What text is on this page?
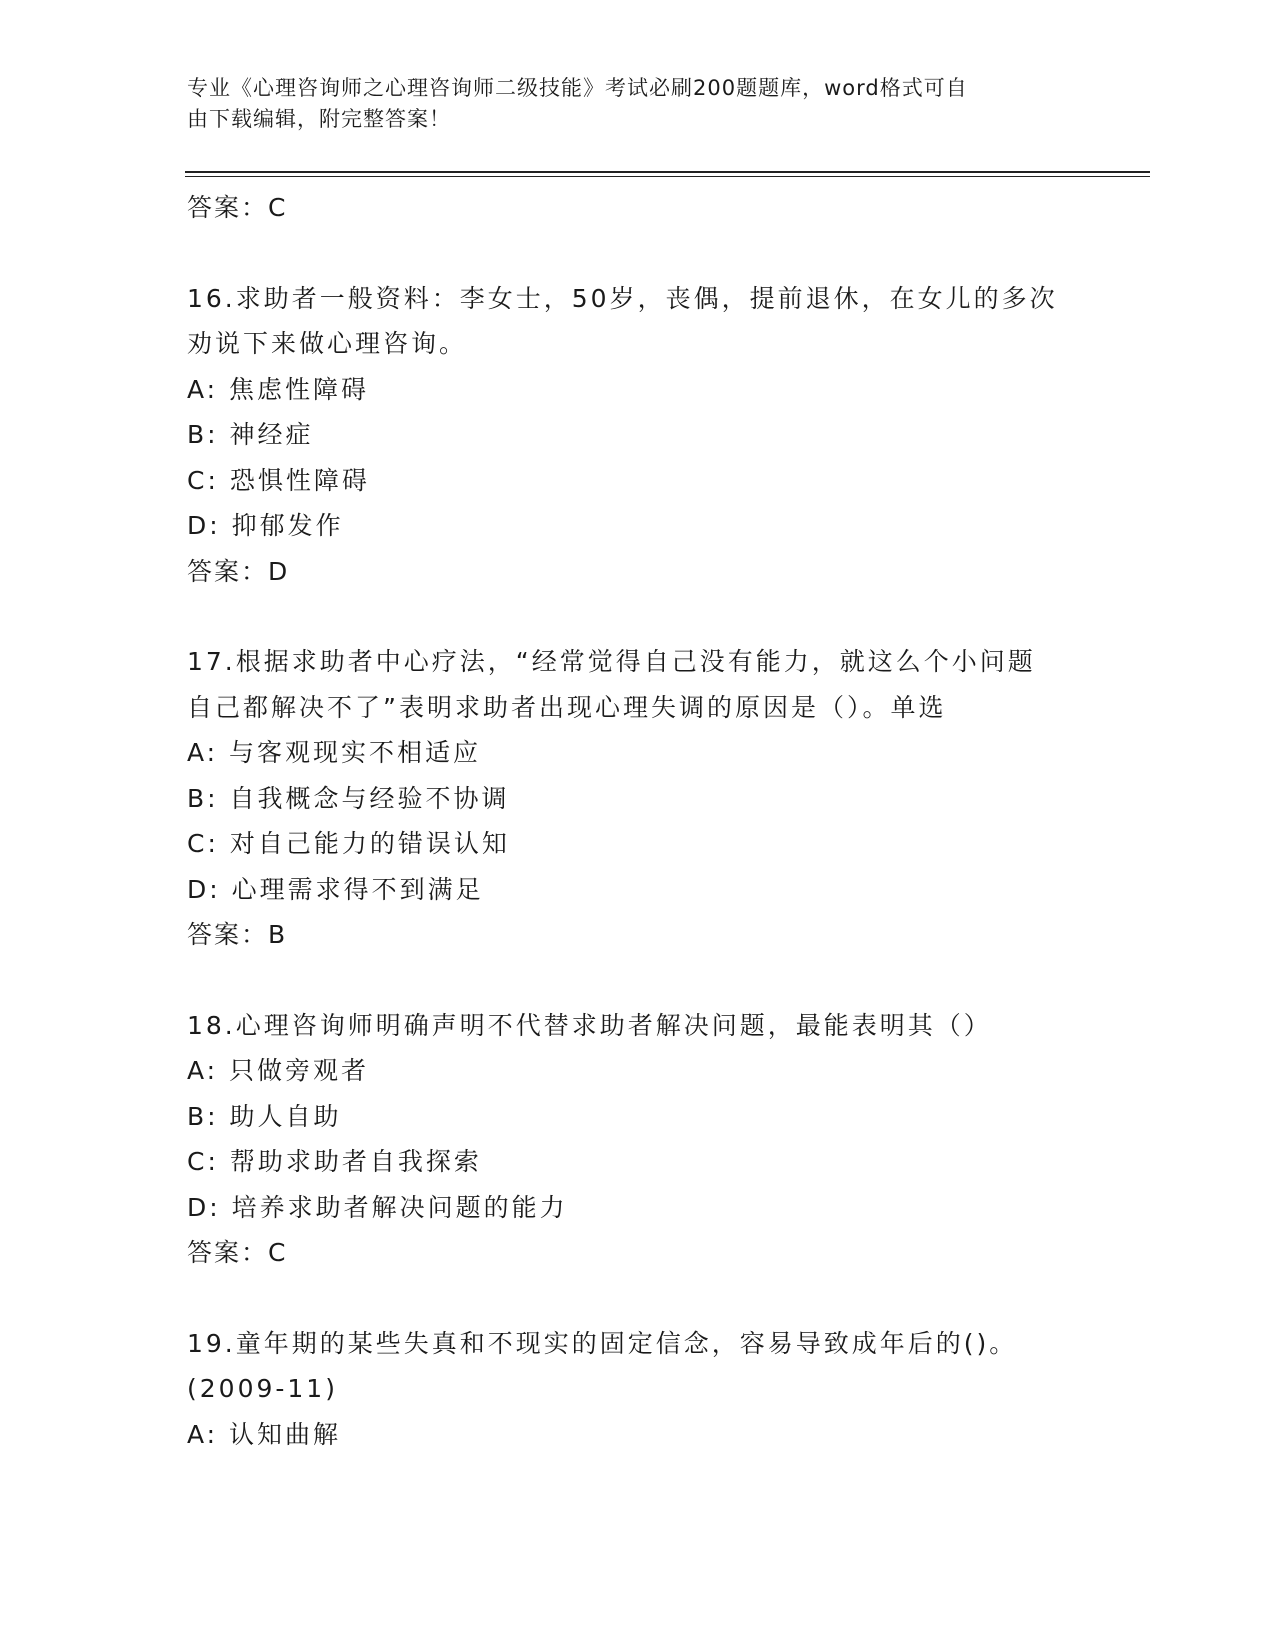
专业《心理咨询师之心理咨询师二级技能》考试必刷200题题库，word格式可自
由下载编辑，附完整答案！
答案：C
16.求助者一般资料：李女士，50岁，丧偶，提前退休，在女儿的多次
劝说下来做心理咨询。
A: 焦虑性障碍
B: 神经症
C: 恐惧性障碍
D: 抑郁发作
答案：D
17.根据求助者中心疗法，“经常觉得自己没有能力，就这么个小问题
自己都解决不了”表明求助者出现心理失调的原因是（）。单选
A: 与客观现实不相适应
B: 自我概念与经验不协调
C: 对自己能力的错误认知
D: 心理需求得不到满足
答案：B
18.心理咨询师明确声明不代替求助者解决问题，最能表明其（）
A: 只做旁观者
B: 助人自助
C: 帮助求助者自我探索
D: 培养求助者解决问题的能力
答案：C
19.童年期的某些失真和不现实的固定信念，容易导致成年后的()。
(2009-11)
A: 认知曲解
